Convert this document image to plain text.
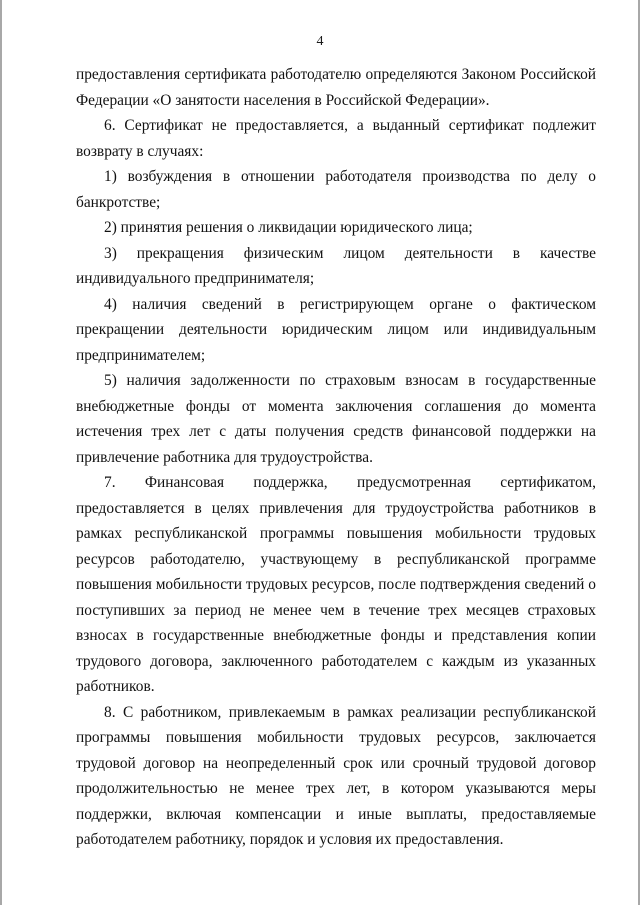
4

предоставления сертификата работодателю определяются Законом Российской Федерации «О занятости населения в Российской Федерации».

6. Сертификат не предоставляется, а выданный сертификат подлежит возврату в случаях:

1) возбуждения в отношении работодателя производства по делу о банкротстве;

2) принятия решения о ликвидации юридического лица;

3) прекращения физическим лицом деятельности в качестве индивидуального предпринимателя;

4) наличия сведений в регистрирующем органе о фактическом прекращении деятельности юридическим лицом или индивидуальным предпринимателем;

5) наличия задолженности по страховым взносам в государственные внебюджетные фонды от момента заключения соглашения до момента истечения трех лет с даты получения средств финансовой поддержки на привлечение работника для трудоустройства.

7. Финансовая поддержка, предусмотренная сертификатом, предоставляется в целях привлечения для трудоустройства работников в рамках республиканской программы повышения мобильности трудовых ресурсов работодателю, участвующему в республиканской программе повышения мобильности трудовых ресурсов, после подтверждения сведений о поступивших за период не менее чем в течение трех месяцев страховых взносах в государственные внебюджетные фонды и представления копии трудового договора, заключенного работодателем с каждым из указанных работников.

8. С работником, привлекаемым в рамках реализации республиканской программы повышения мобильности трудовых ресурсов, заключается трудовой договор на неопределенный срок или срочный трудовой договор продолжительностью не менее трех лет, в котором указываются меры поддержки, включая компенсации и иные выплаты, предоставляемые работодателем работнику, порядок и условия их предоставления.
